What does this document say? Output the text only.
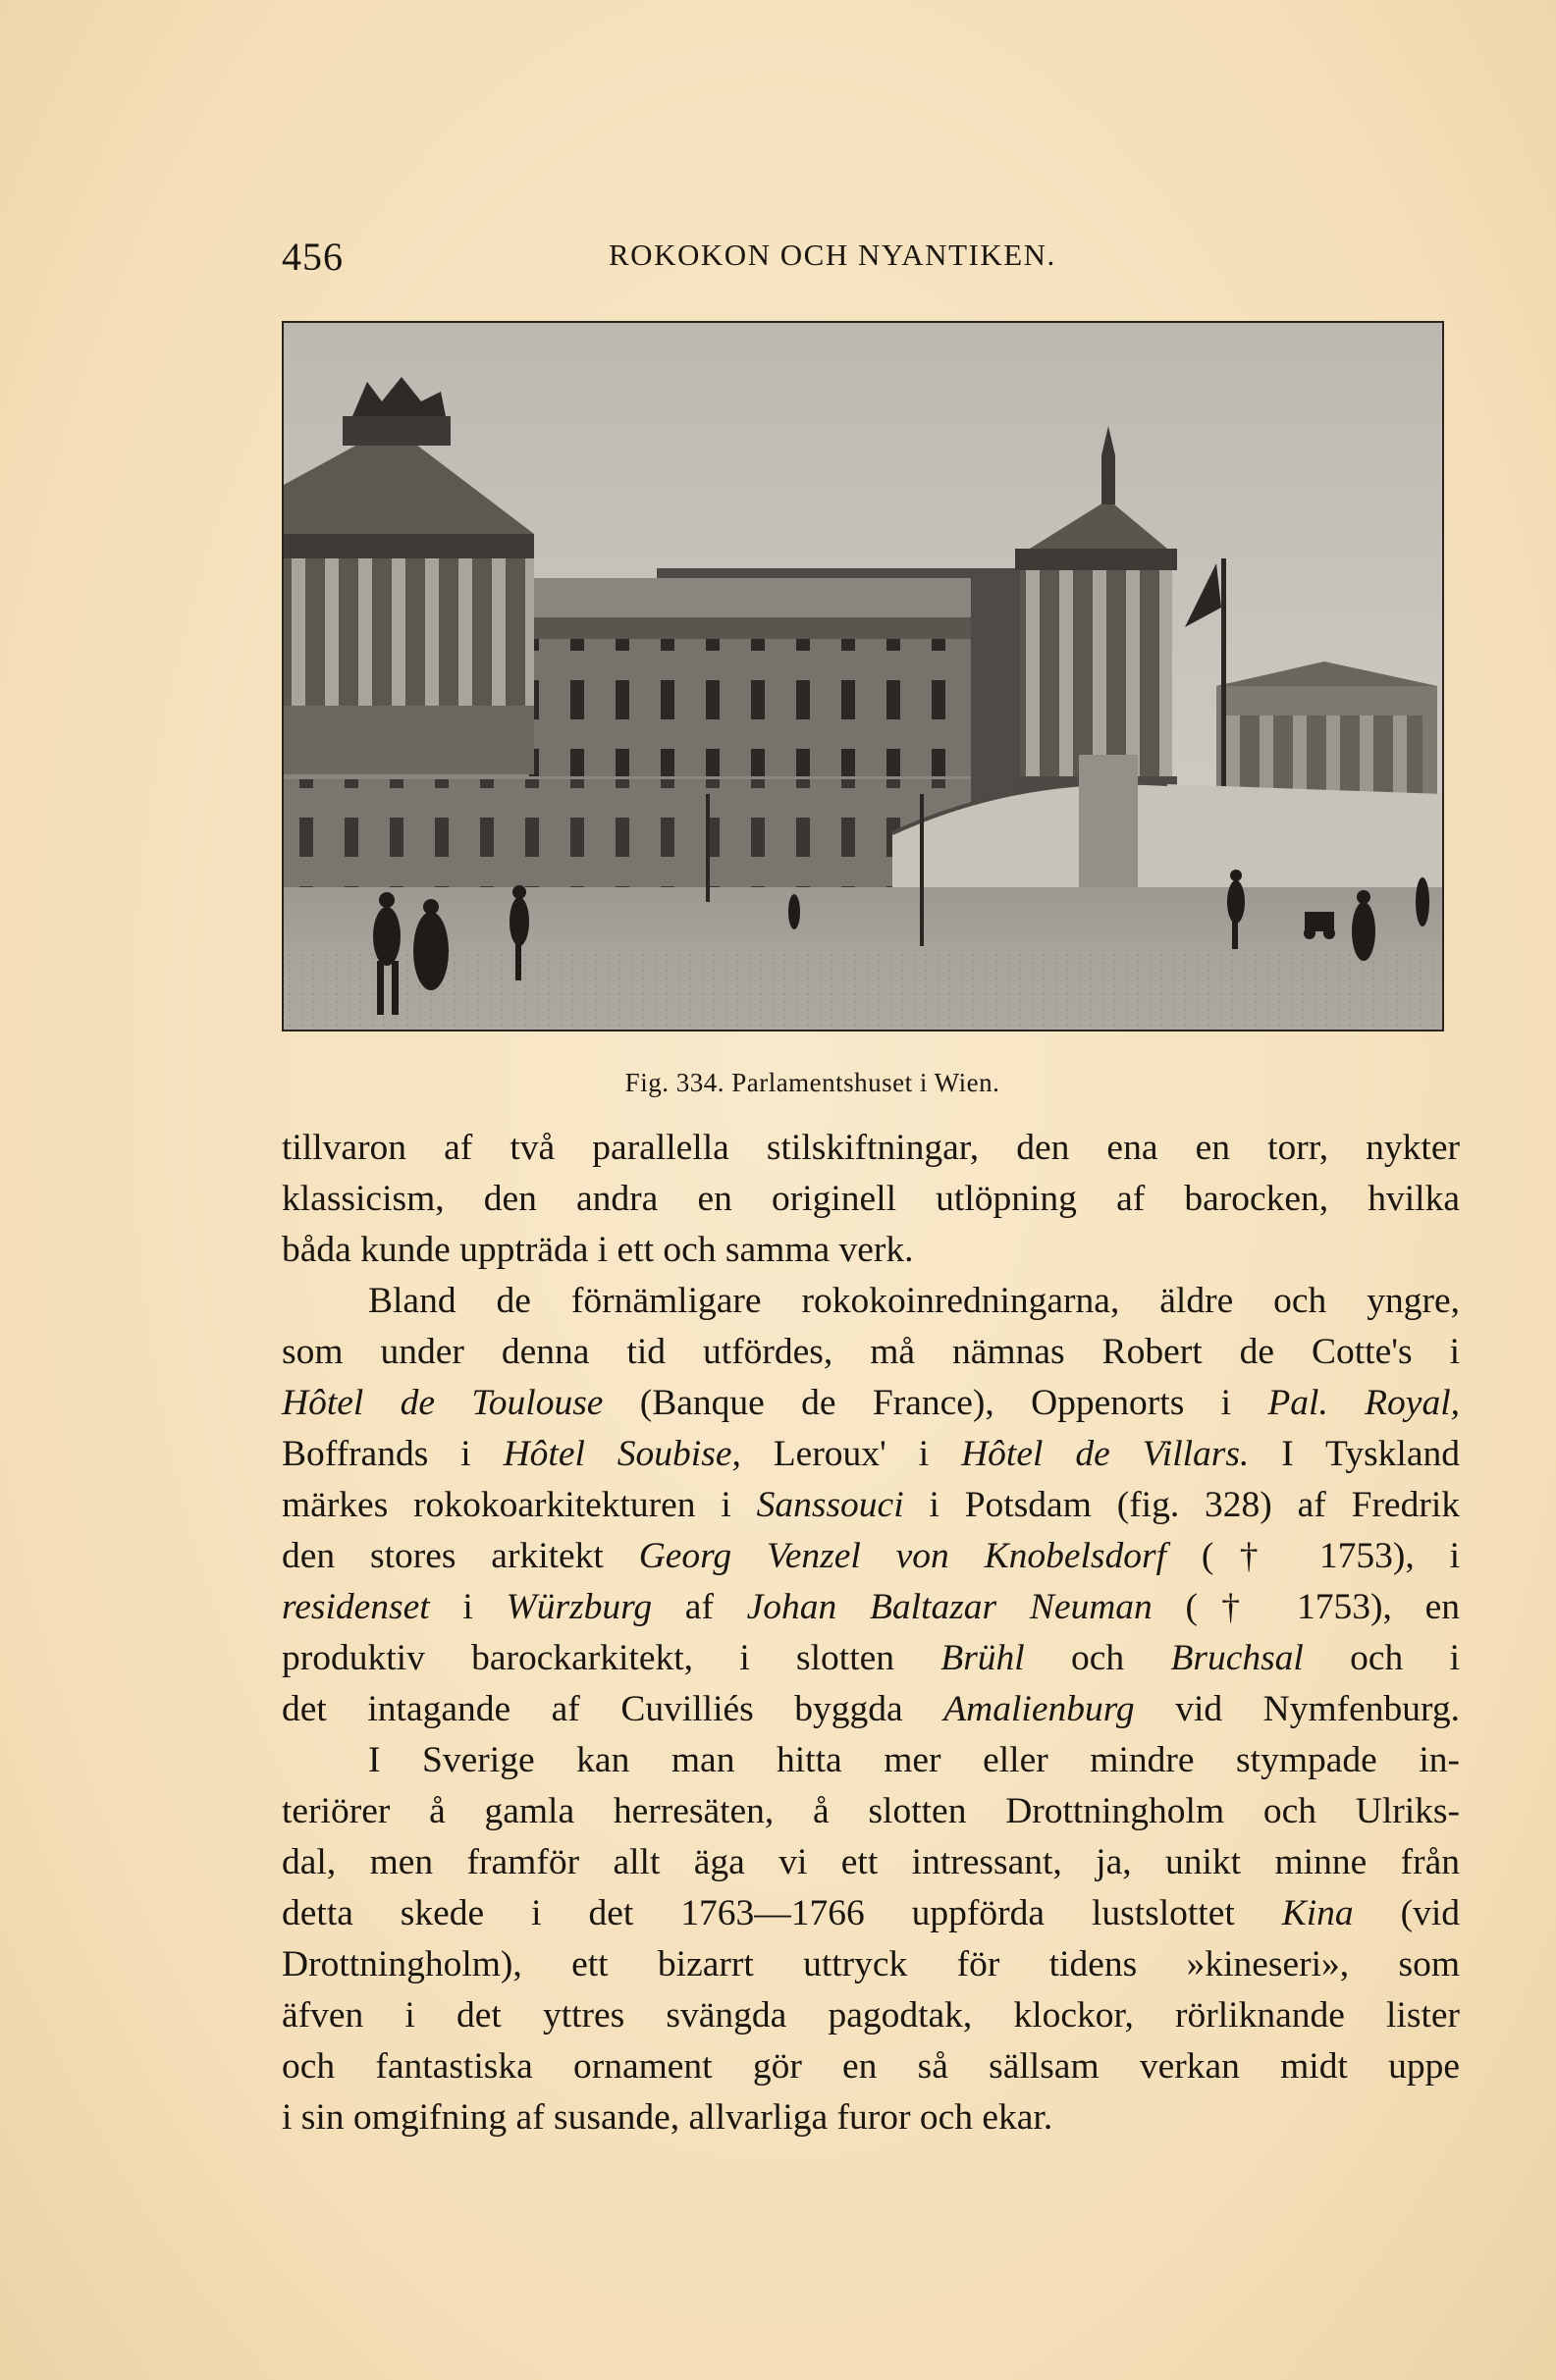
456	ROKOKON OCH NYANTIKEN.
Fig. 334. Parlamentshuset i Wien.
tillvaron af två parallella stilskiftningar, den ena en torr, nykter
klassicism, den andra en originell utlöpning af barocken, hvilka
båda kunde uppträda i ett och samma verk.
Bland de förnämligare rokokoinredningarna, äldre och yngre,
som under denna tid utfördes, må nämnas Robert de Cotte's i
Hôtel de Toulouse (Banque de France), Oppenorts i Pal. Royal,
Boffrands i Hôtel Soubise, Leroux' i Hôtel de Villars. I Tyskland
märkes rokokoarkitekturen i Sanssouci i Potsdam (fig. 328) af Fredrik
den stores arkitekt Georg Venzel von Knobelsdorf († 1753), i
residenset i Würzburg af Johan Baltazar Neuman († 1753), en
produktiv barockarkitekt, i slotten Brühl och Bruchsal och i
det intagande af Cuvilliés byggda Amalienburg vid Nymfenburg.
I Sverige kan man hitta mer eller mindre stympade in-
teriörer å gamla herresäten, å slotten Drottningholm och Ulriks-
dal, men framför allt äga vi ett intressant, ja, unikt minne från
detta skede i det 1763—1766 uppförda lustslottet Kina (vid
Drottningholm), ett bizarrt uttryck för tidens »kineseri», som
äfven i det yttres svängda pagodtak, klockor, rörliknande lister
och fantastiska ornament gör en så sällsam verkan midt uppe
i sin omgifning af susande, allvarliga furor och ekar.
